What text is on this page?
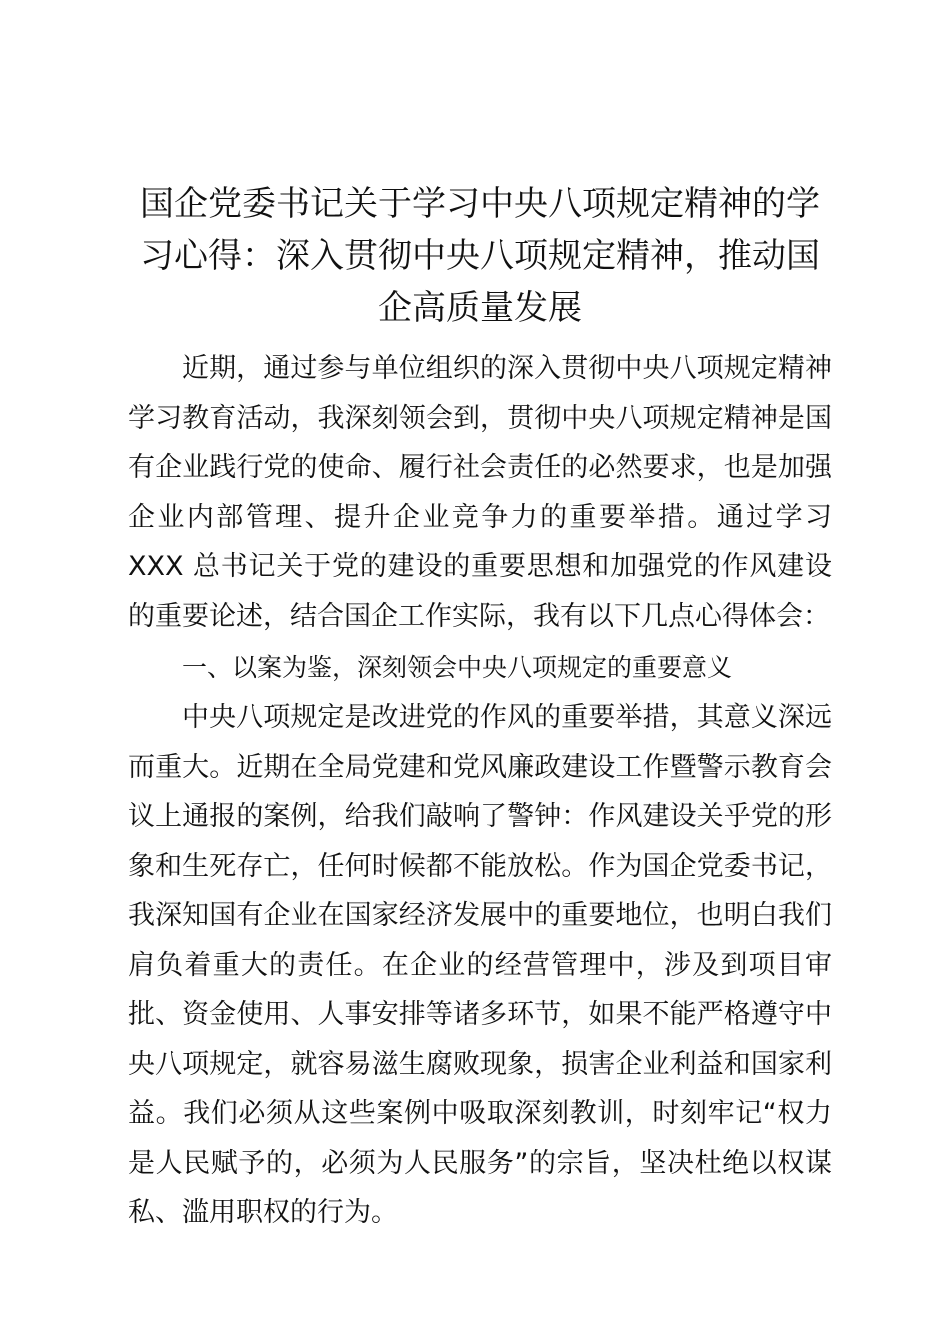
国企党委书记关于学习中央八项规定精神的学习心得：深入贯彻中央八项规定精神，推动国企高质量发展

近期，通过参与单位组织的深入贯彻中央八项规定精神学习教育活动，我深刻领会到，贯彻中央八项规定精神是国有企业践行党的使命、履行社会责任的必然要求，也是加强企业内部管理、提升企业竞争力的重要举措。通过学习 XXX 总书记关于党的建设的重要思想和加强党的作风建设的重要论述，结合国企工作实际，我有以下几点心得体会：

一、以案为鉴，深刻领会中央八项规定的重要意义

中央八项规定是改进党的作风的重要举措，其意义深远而重大。近期在全局党建和党风廉政建设工作暨警示教育会议上通报的案例，给我们敲响了警钟：作风建设关乎党的形象和生死存亡，任何时候都不能放松。作为国企党委书记，我深知国有企业在国家经济发展中的重要地位，也明白我们肩负着重大的责任。在企业的经营管理中，涉及到项目审批、资金使用、人事安排等诸多环节，如果不能严格遵守中央八项规定，就容易滋生腐败现象，损害企业利益和国家利益。我们必须从这些案例中吸取深刻教训，时刻牢记“权力是人民赋予的，必须为人民服务”的宗旨，坚决杜绝以权谋私、滥用职权的行为。
